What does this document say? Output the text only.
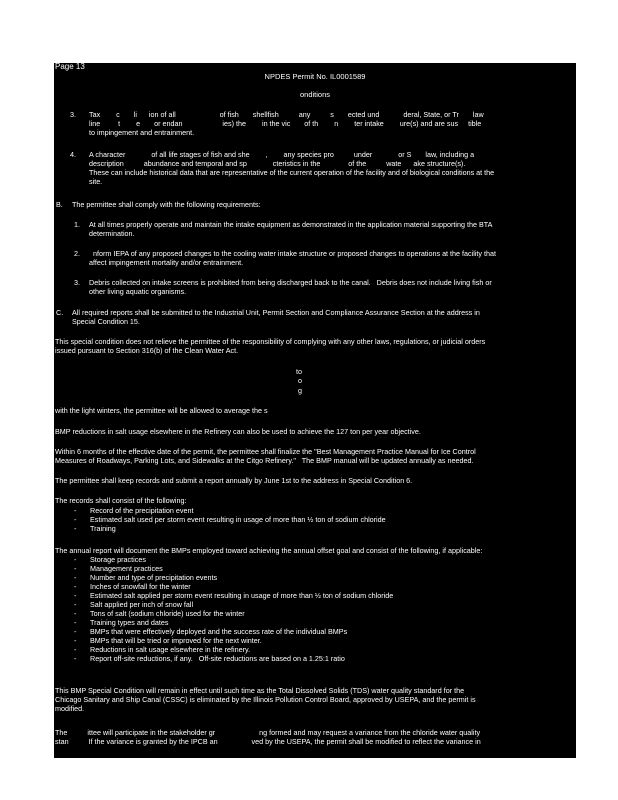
Page 13
NPDES Permit No. IL0001589
onditions
3. Tax        c       li      ion of all                      of fish       shellfish          any          s       ected und            deral, State, or Tr       law
line         t        e       or endan                    ies) the        in the vic       of th        n        ter intake        ure(s) and are sus     tible
to impingement and entrainment.
4. A character             of all life stages of fish and she        ,        any species pro          under             or S       law, including a
description          abundance and temporal and sp             cteristics in the              of the          wate      ake structure(s).
These can include historical data that are representative of the current operation of the facility and of biological conditions at the
site.
B. The permittee shall comply with the following requirements:
1. At all times properly operate and maintain the intake equipment as demonstrated in the application material supporting the BTA
determination.
2. nform IEPA of any proposed changes to the cooling water intake structure or proposed changes to operations at the facility that
affect impingement mortality and/or entrainment.
3. Debris collected on intake screens is prohibited from being discharged back to the canal.   Debris does not include living fish or
other living aquatic organisms.
C. All required reports shall be submitted to the Industrial Unit, Permit Section and Compliance Assurance Section at the address in
Special Condition 15.
This special condition does not relieve the permittee of the responsibility of complying with any other laws, regulations, or judicial orders
issued pursuant to Section 316(b) of the Clean Water Act.
to
o
g
with the light winters, the permittee will be allowed to average the s
BMP reductions in salt usage elsewhere in the Refinery can also be used to achieve the 127 ton per year objective.
Within 6 months of the effective date of the permit, the permittee shall finalize the "Best Management Practice Manual for Ice Control
Measures of Roadways, Parking Lots, and Sidewalks at the Citgo Refinery."   The BMP manual will be updated annually as needed.
The permittee shall keep records and submit a report annually by June 1st to the address in Special Condition 6.
The records shall consist of the following:
- Record of the precipitation event
- Estimated salt used per storm event resulting in usage of more than ½ ton of sodium chloride
- Training
The annual report will document the BMPs employed toward achieving the annual offset goal and consist of the following, if applicable:
- Storage practices
- Management practices
- Number and type of precipitation events
- Inches of snowfall for the winter
- Estimated salt applied per storm event resulting in usage of more than ½ ton of sodium chloride
- Salt applied per inch of snow fall
- Tons of salt (sodium chloride) used for the winter
- Training types and dates
- BMPs that were effectively deployed and the success rate of the individual BMPs
- BMPs that will be tried or improved for the next winter.
- Reductions in salt usage elsewhere in the refinery.
- Report off-site reductions, if any.   Off-site reductions are based on a 1.25:1 ratio
This BMP Special Condition will remain in effect until such time as the Total Dissolved Solids (TDS) water quality standard for the
Chicago Sanitary and Ship Canal (CSSC) is eliminated by the Illinois Pollution Control Board, approved by USEPA, and the permit is
modified.
The          ittee will participate in the stakeholder gr                      ng formed and may request a variance from the chloride water quality
stan          If the variance is granted by the IPCB an                 ved by the USEPA, the permit shall be modified to reflect the variance in
